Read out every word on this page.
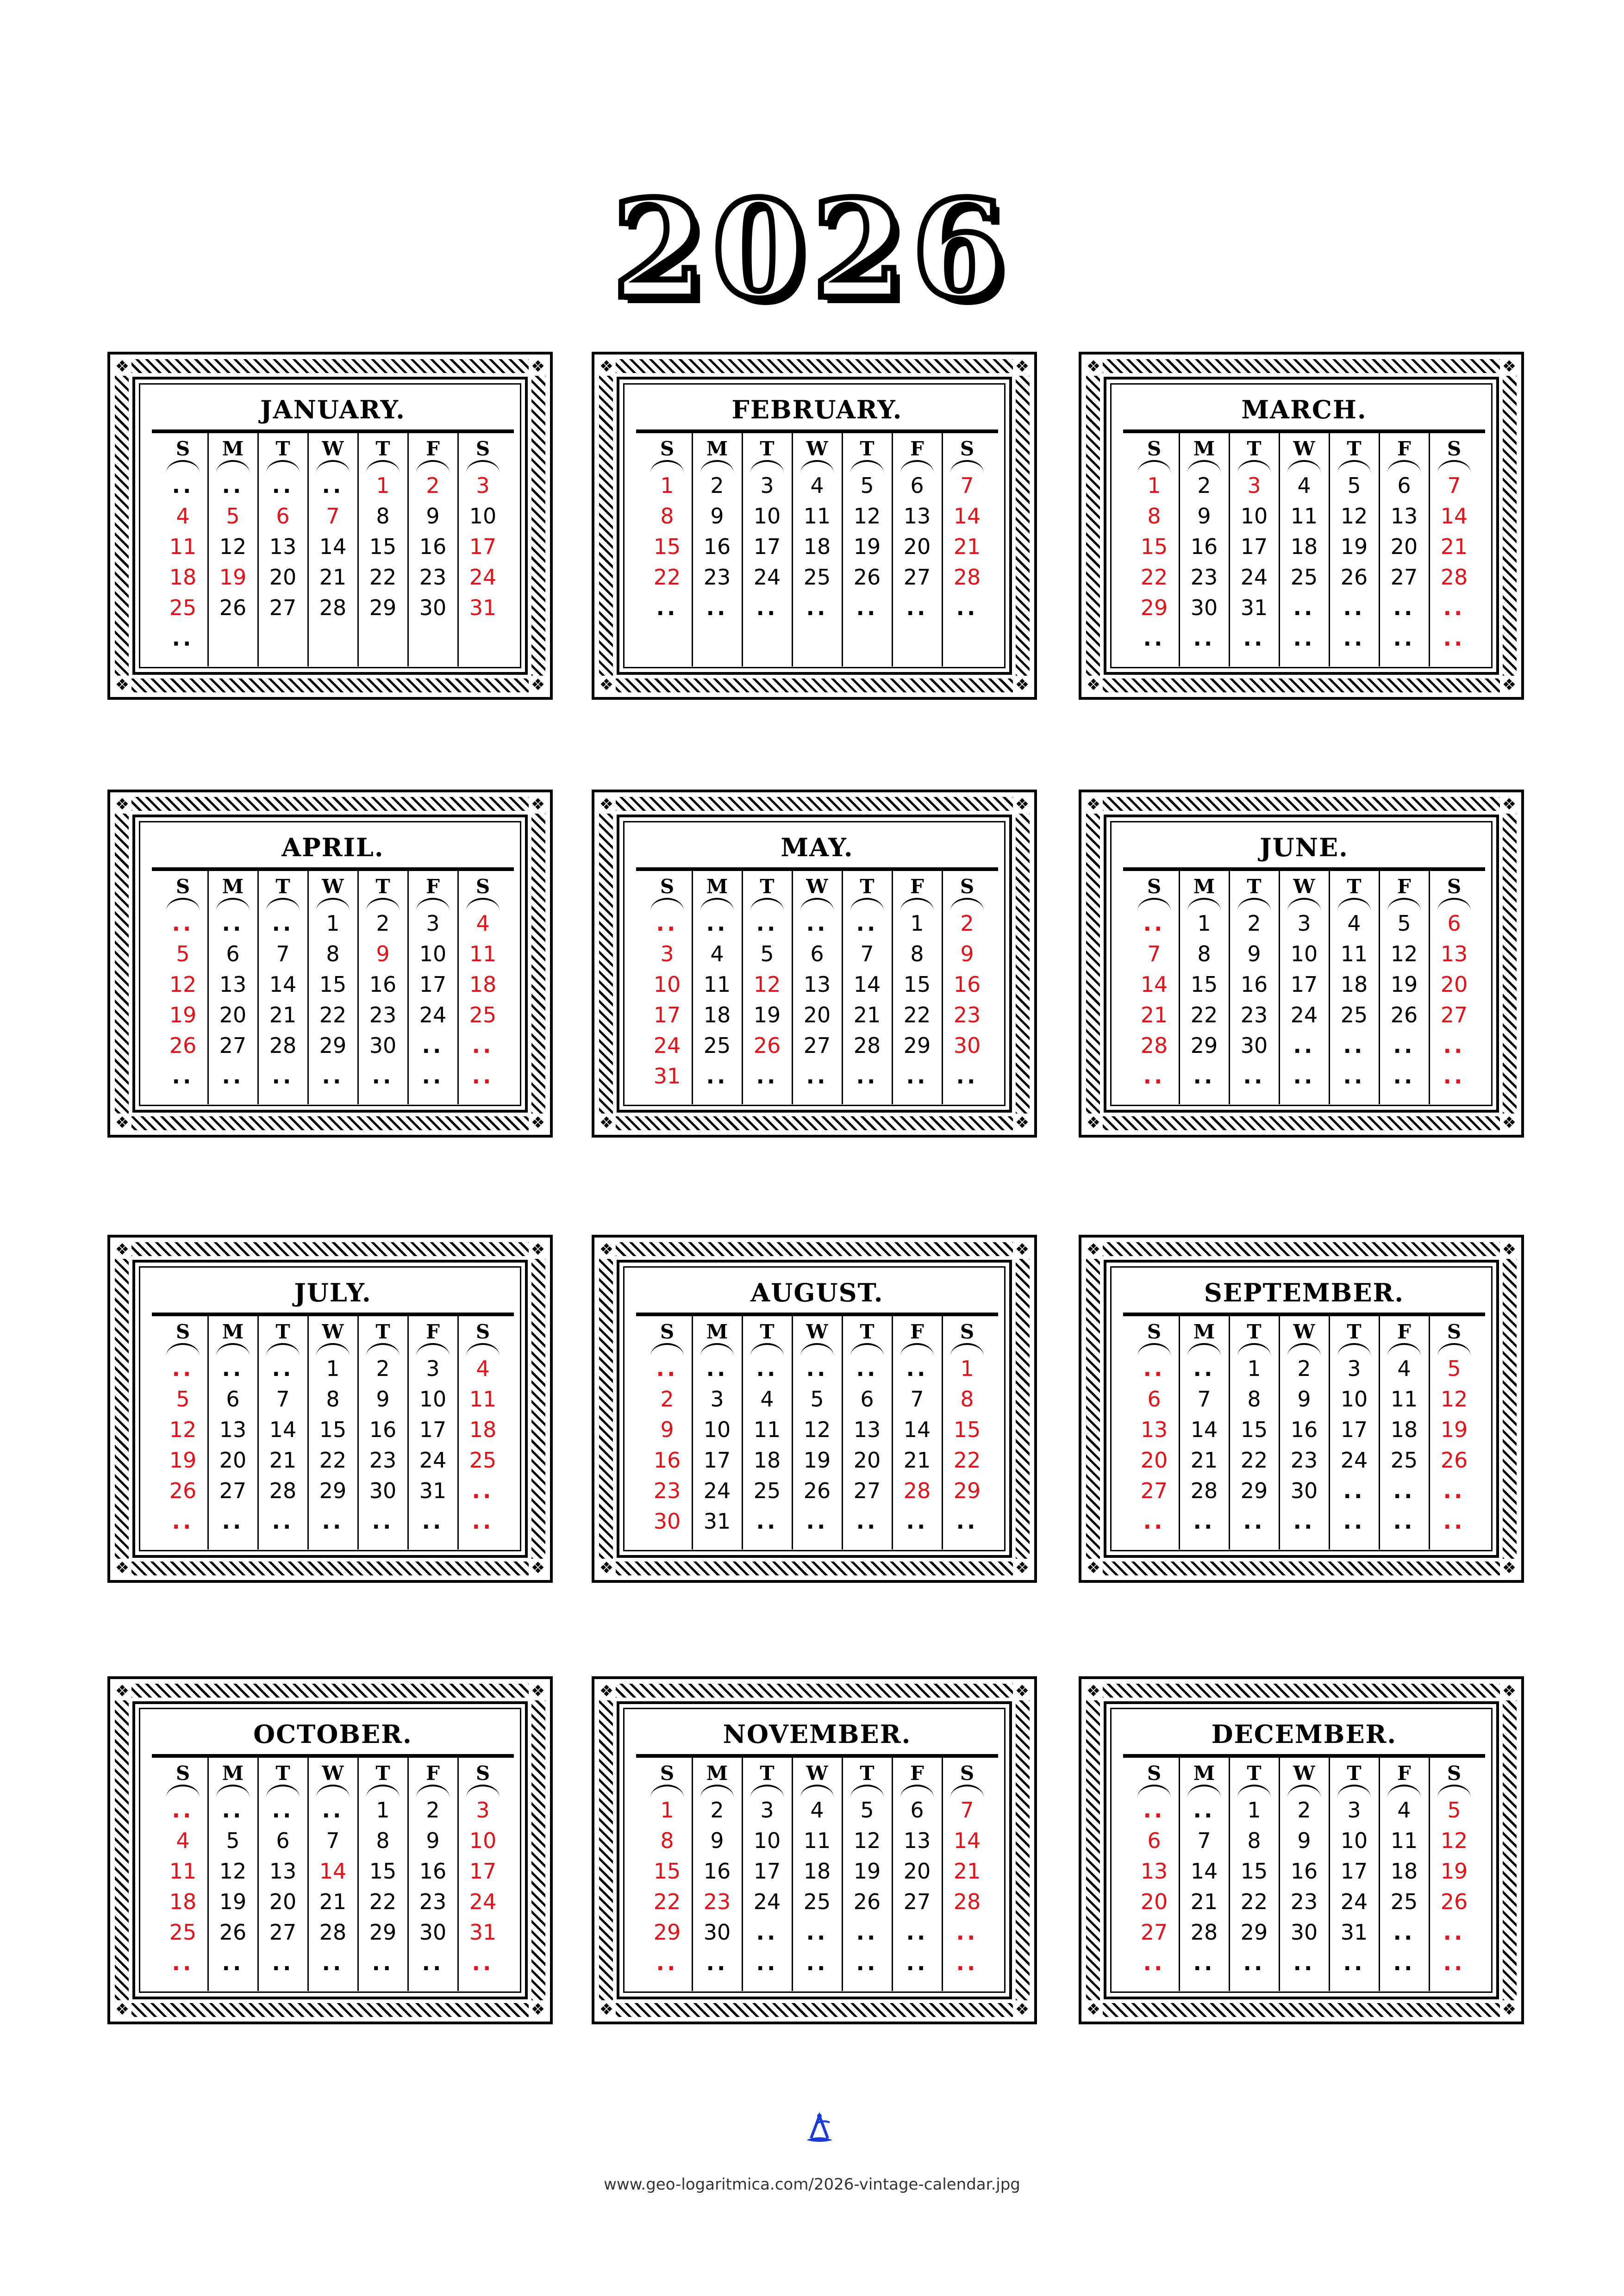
2026
❖	❖
❖	❖
JANUARY.
S	M	T	W	T	F	S
..	..	..	..	1	2	3
4	5	6	7	8	9	10
11	12	13	14	15	16	17
18	19	20	21	22	23	24
25	26	27	28	29	30	31
..
❖	❖
❖	❖
FEBRUARY.
S	M	T	W	T	F	S
1	2	3	4	5	6	7
8	9	10	11	12	13	14
15	16	17	18	19	20	21
22	23	24	25	26	27	28
..	..	..	..	..	..	..
❖	❖
❖	❖
MARCH.
S	M	T	W	T	F	S
1	2	3	4	5	6	7
8	9	10	11	12	13	14
15	16	17	18	19	20	21
22	23	24	25	26	27	28
29	30	31	..	..	..	..
..	..	..	..	..	..	..
❖	❖
❖	❖
APRIL.
S	M	T	W	T	F	S
..	..	..	1	2	3	4
5	6	7	8	9	10	11
12	13	14	15	16	17	18
19	20	21	22	23	24	25
26	27	28	29	30	..	..
..	..	..	..	..	..	..
❖	❖
❖	❖
MAY.
S	M	T	W	T	F	S
..	..	..	..	..	1	2
3	4	5	6	7	8	9
10	11	12	13	14	15	16
17	18	19	20	21	22	23
24	25	26	27	28	29	30
31	..	..	..	..	..	..
❖	❖
❖	❖
JUNE.
S	M	T	W	T	F	S
..	1	2	3	4	5	6
7	8	9	10	11	12	13
14	15	16	17	18	19	20
21	22	23	24	25	26	27
28	29	30	..	..	..	..
..	..	..	..	..	..	..
❖	❖
❖	❖
JULY.
S	M	T	W	T	F	S
..	..	..	1	2	3	4
5	6	7	8	9	10	11
12	13	14	15	16	17	18
19	20	21	22	23	24	25
26	27	28	29	30	31	..
..	..	..	..	..	..	..
❖	❖
❖	❖
AUGUST.
S	M	T	W	T	F	S
..	..	..	..	..	..	1
2	3	4	5	6	7	8
9	10	11	12	13	14	15
16	17	18	19	20	21	22
23	24	25	26	27	28	29
30	31	..	..	..	..	..
❖	❖
❖	❖
SEPTEMBER.
S	M	T	W	T	F	S
..	..	1	2	3	4	5
6	7	8	9	10	11	12
13	14	15	16	17	18	19
20	21	22	23	24	25	26
27	28	29	30	..	..	..
..	..	..	..	..	..	..
❖	❖
❖	❖
OCTOBER.
S	M	T	W	T	F	S
..	..	..	..	1	2	3
4	5	6	7	8	9	10
11	12	13	14	15	16	17
18	19	20	21	22	23	24
25	26	27	28	29	30	31
..	..	..	..	..	..	..
❖	❖
❖	❖
NOVEMBER.
S	M	T	W	T	F	S
1	2	3	4	5	6	7
8	9	10	11	12	13	14
15	16	17	18	19	20	21
22	23	24	25	26	27	28
29	30	..	..	..	..	..
..	..	..	..	..	..	..
❖	❖
❖	❖
DECEMBER.
S	M	T	W	T	F	S
..	..	1	2	3	4	5
6	7	8	9	10	11	12
13	14	15	16	17	18	19
20	21	22	23	24	25	26
27	28	29	30	31	..	..
..	..	..	..	..	..	..
www.geo-logaritmica.com/2026-vintage-calendar.jpg
